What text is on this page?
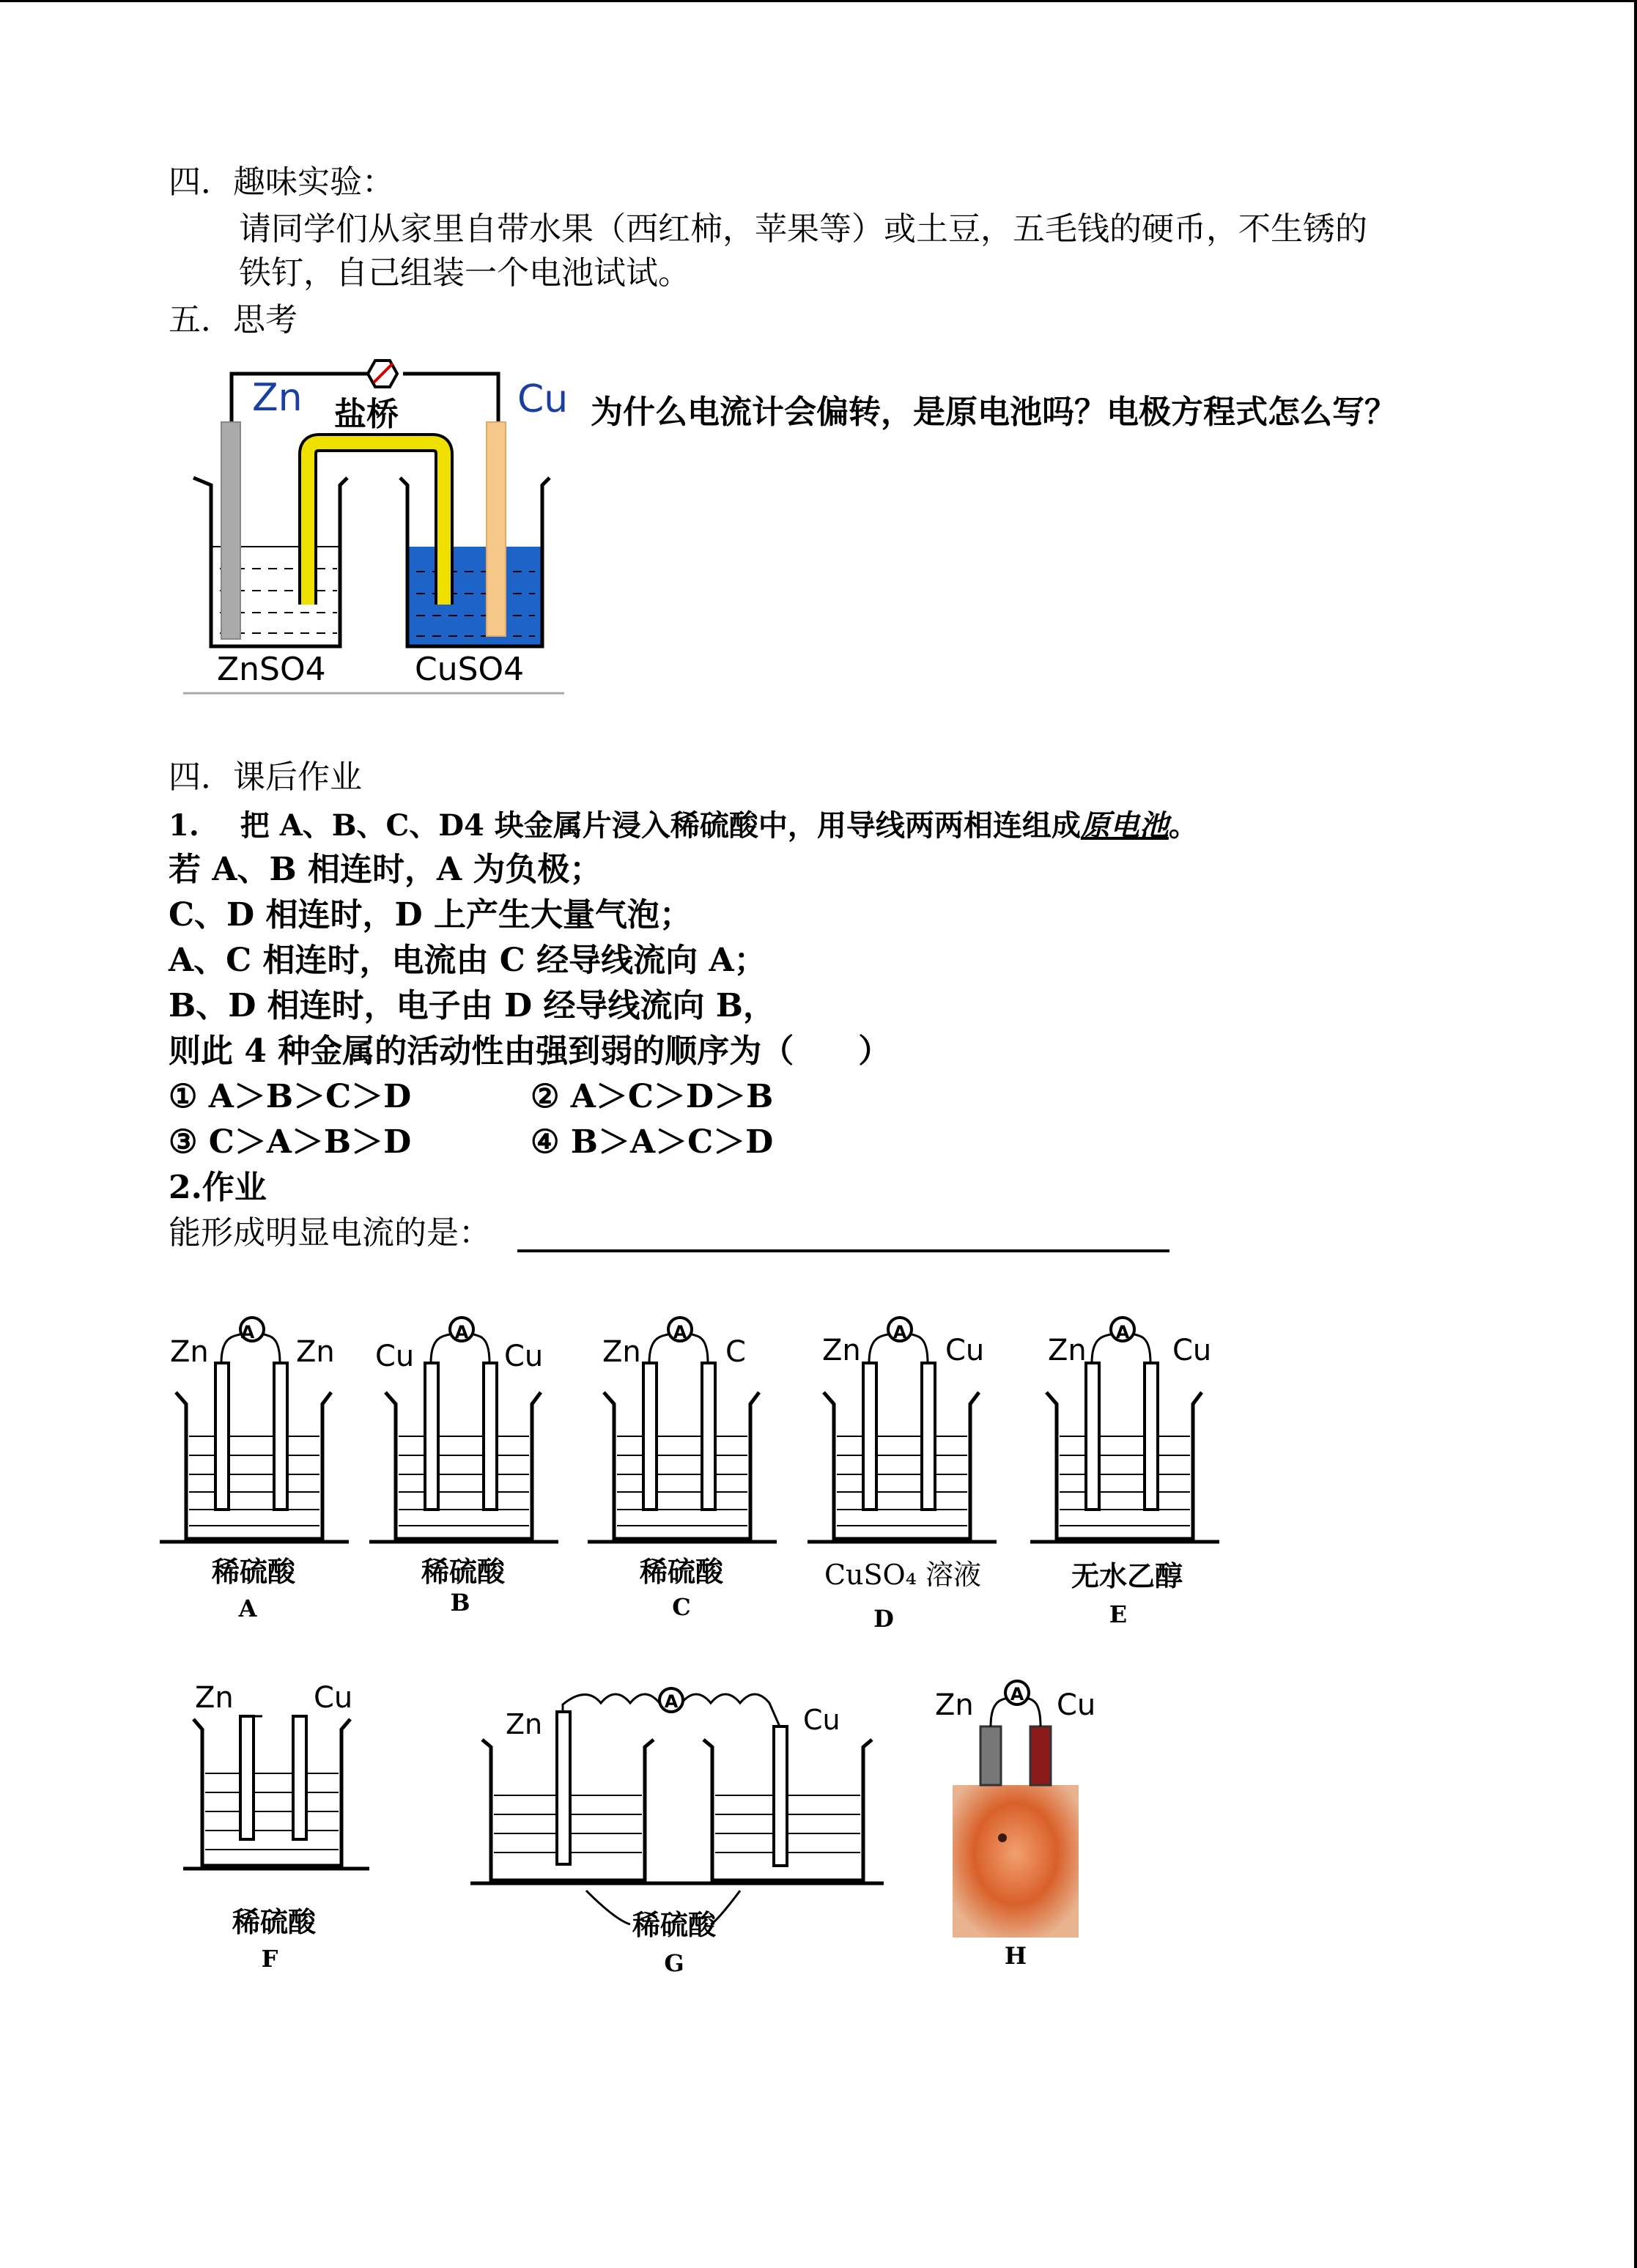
四．趣味实验：
请同学们从家里自带水果（西红柿，苹果等）或土豆，五毛钱的硬币，不生锈的
铁钉，自己组装一个电池试试。
五．思考
为什么电流计会偏转，是原电池吗？电极方程式怎么写？
Zn 盐桥	Cu
ZnSO4	CuSO4
四．课后作业
1. 把 A、B、C、D4 块金属片浸入稀硫酸中，用导线两两相连组成原电池。
若 A、B 相连时，A 为负极；
C、D 相连时，D 上产生大量气泡；
A、C 相连时，电流由 C 经导线流向 A；
B、D 相连时，电子由 D 经导线流向 B，
则此 4 种金属的活动性由强到弱的顺序为（　　）
① A＞B＞C＞D	② A＞C＞D＞B
③ C＞A＞B＞D	④ B＞A＞C＞D
2.作业
能形成明显电流的是：
A
Zn	Zn
稀硫酸
A
A
Cu	Cu
稀硫酸
B
A
Zn	C
稀硫酸
C
A
Zn	Cu
CuSO₄ 溶液
D
A
Zn	Cu
无水乙醇
E
Zn	Cu
稀硫酸
F
A
Zn	Cu
稀硫酸
G
A
Zn	Cu
H
